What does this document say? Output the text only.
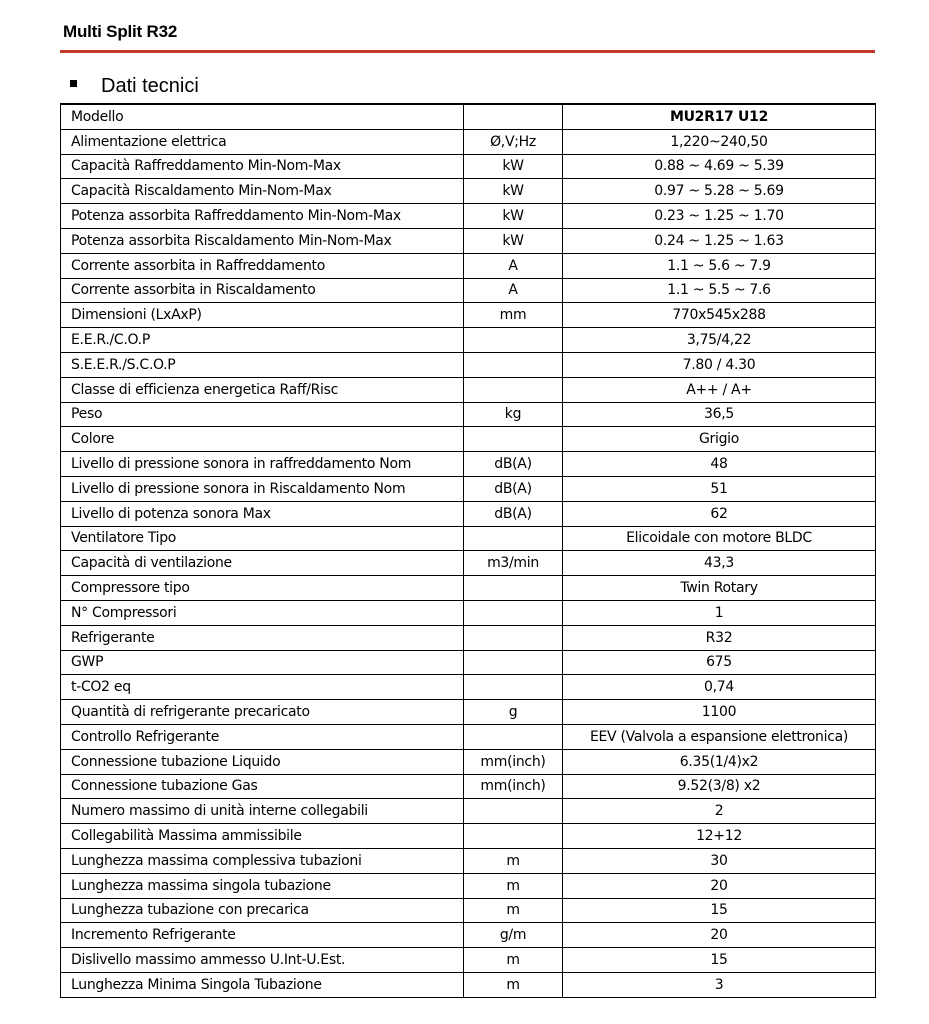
Multi Split R32
Dati tecnici
Modello		MU2R17 U12
Alimentazione elettrica	Ø,V;Hz	1,220~240,50
Capacità Raffreddamento Min-Nom-Max	kW	0.88 ~ 4.69 ~ 5.39
Capacità Riscaldamento Min-Nom-Max	kW	0.97 ~ 5.28 ~ 5.69
Potenza assorbita Raffreddamento Min-Nom-Max	kW	0.23 ~ 1.25 ~ 1.70
Potenza assorbita Riscaldamento Min-Nom-Max	kW	0.24 ~ 1.25 ~ 1.63
Corrente assorbita in Raffreddamento	A	1.1 ~ 5.6 ~ 7.9
Corrente assorbita in Riscaldamento	A	1.1 ~ 5.5 ~ 7.6
Dimensioni (LxAxP)	mm	770x545x288
E.E.R./C.O.P		3,75/4,22
S.E.E.R./S.C.O.P		7.80 / 4.30
Classe di efficienza energetica Raff/Risc		A++ / A+
Peso	kg	36,5
Colore		Grigio
Livello di pressione sonora in raffreddamento Nom	dB(A)	48
Livello di pressione sonora in Riscaldamento Nom	dB(A)	51
Livello di potenza sonora Max	dB(A)	62
Ventilatore Tipo		Elicoidale con motore BLDC
Capacità di ventilazione	m3/min	43,3
Compressore tipo		Twin Rotary
N° Compressori		1
Refrigerante		R32
GWP		675
t-CO2 eq		0,74
Quantità di refrigerante precaricato	g	1100
Controllo Refrigerante		EEV (Valvola a espansione elettronica)
Connessione tubazione Liquido	mm(inch)	6.35(1/4)x2
Connessione tubazione Gas	mm(inch)	9.52(3/8) x2
Numero massimo di unità interne collegabili		2
Collegabilità Massima ammissibile		12+12
Lunghezza massima complessiva tubazioni	m	30
Lunghezza massima singola tubazione	m	20
Lunghezza tubazione con precarica	m	15
Incremento Refrigerante	g/m	20
Dislivello massimo ammesso U.Int-U.Est.	m	15
Lunghezza Minima Singola Tubazione	m	3
